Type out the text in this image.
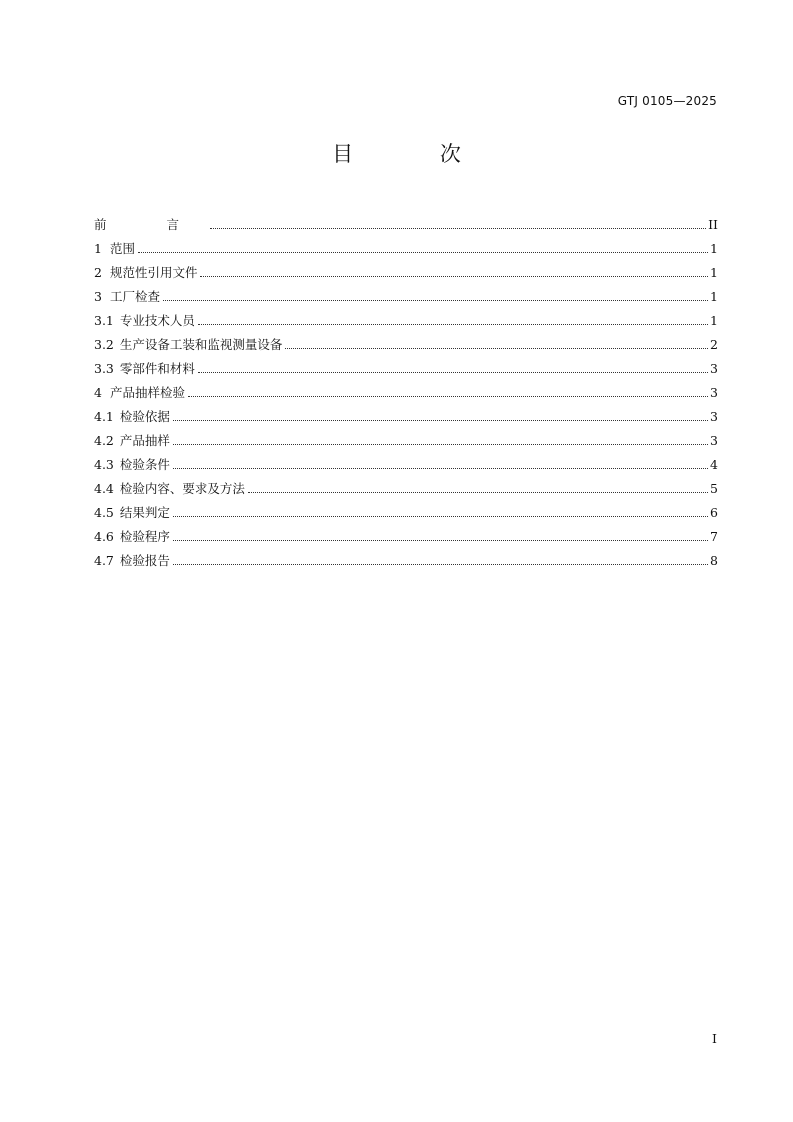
GTJ 0105—2025
目 次
前 言	II
1 范围	1
2 规范性引用文件	1
3 工厂检查	1
3.1 专业技术人员	1
3.2 生产设备工装和监视测量设备	2
3.3 零部件和材料	3
4 产品抽样检验	3
4.1 检验依据	3
4.2 产品抽样	3
4.3 检验条件	4
4.4 检验内容、要求及方法	5
4.5 结果判定	6
4.6 检验程序	7
4.7 检验报告	8
I
